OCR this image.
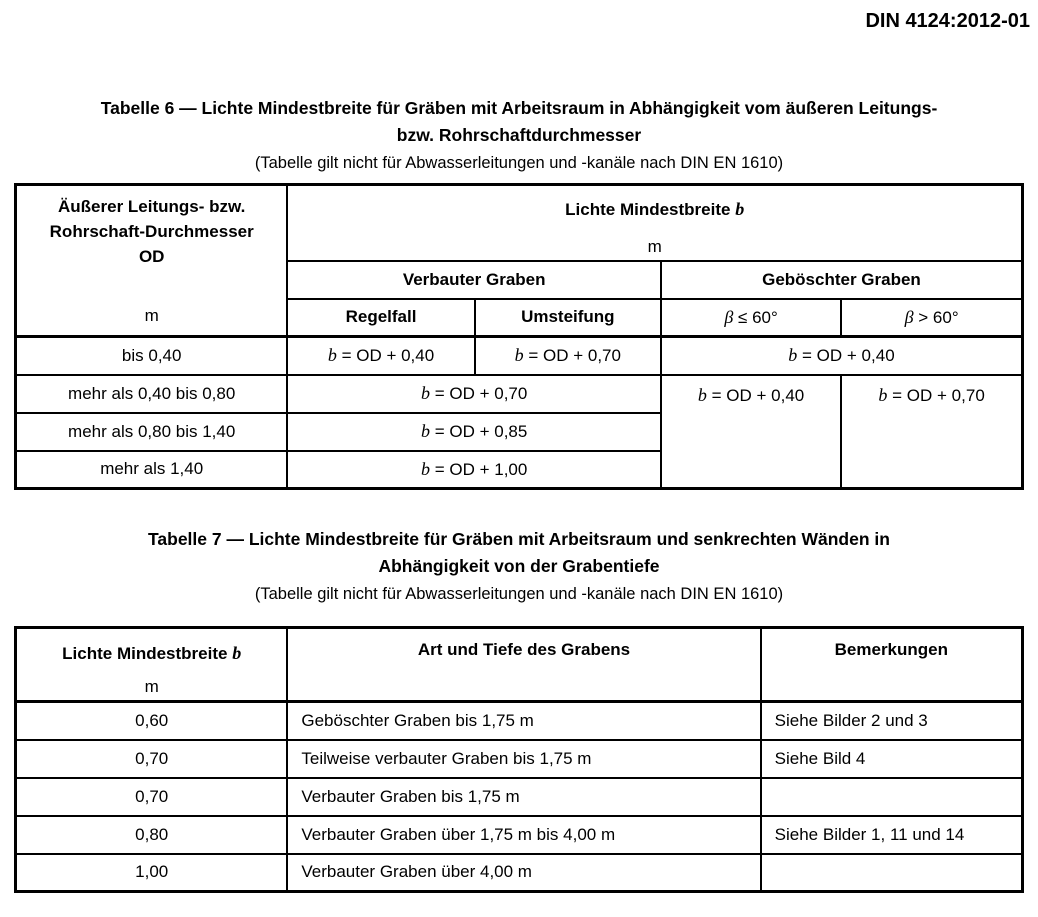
DIN 4124:2012-01
Tabelle 6 — Lichte Mindestbreite für Gräben mit Arbeitsraum in Abhängigkeit vom äußeren Leitungs-
bzw. Rohrschaftdurchmesser
(Tabelle gilt nicht für Abwasserleitungen und -kanäle nach DIN EN 1610)
Äußerer Leitungs- bzw.
Rohrschaft-Durchmesser
OD
m

Lichte Mindestbreite b
m

	Verbauter Graben		Geböschter Graben	
	Regelfall	Umsteifung	β ≤ 60°	β > 60°
bis 0,40	b = OD + 0,40	b = OD + 0,70	b = OD + 0,40	
mehr als 0,40 bis 0,80	b = OD + 0,70		b = OD + 0,40	b = OD + 0,70
mehr als 0,80 bis 1,40	b = OD + 0,85			
mehr als 1,40	b = OD + 1,00			
Tabelle 7 — Lichte Mindestbreite für Gräben mit Arbeitsraum und senkrechten Wänden in
Abhängigkeit von der Grabentiefe
(Tabelle gilt nicht für Abwasserleitungen und -kanäle nach DIN EN 1610)
Lichte Mindestbreite b
m	Art und Tiefe des Grabens	Bemerkungen
0,60	Geböschter Graben bis 1,75 m	Siehe Bilder 2 und 3
0,70	Teilweise verbauter Graben bis 1,75 m	Siehe Bild 4
0,70	Verbauter Graben bis 1,75 m	
0,80	Verbauter Graben über 1,75 m bis 4,00 m	Siehe Bilder 1, 11 und 14
1,00	Verbauter Graben über 4,00 m	
